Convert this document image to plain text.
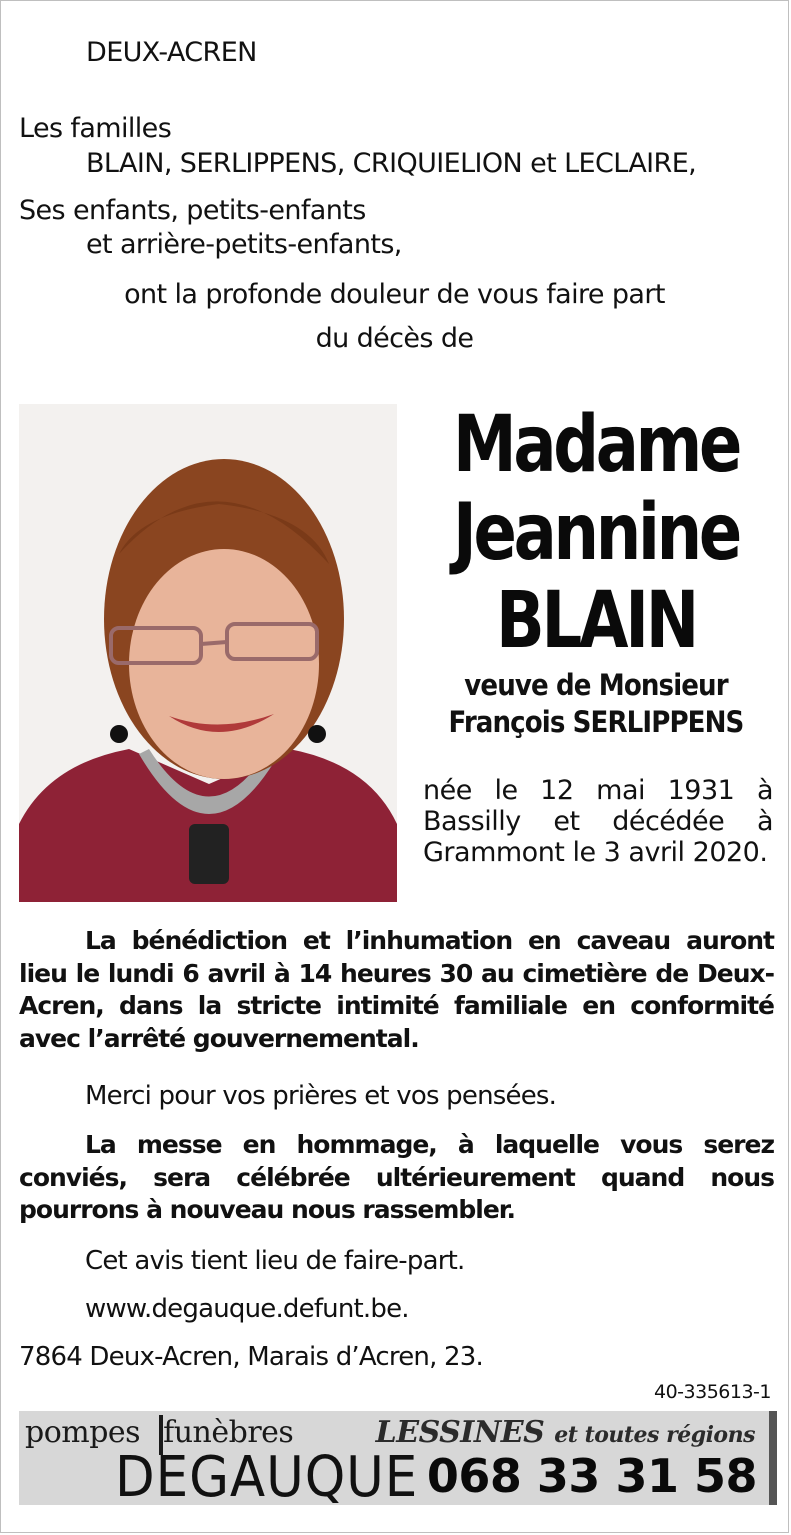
DEUX-ACREN
Les familles
BLAIN, SERLIPPENS, CRIQUIELION et LECLAIRE,
Ses enfants, petits-enfants
et arrière-petits-enfants,
ont la profonde douleur de vous faire part
du décès de
Madame
Jeannine
BLAIN
veuve de Monsieur
François SERLIPPENS
née le 12 mai 1931 à Bassilly et décédée à Grammont le 3 avril 2020.
La bénédiction et l’inhumation en caveau auront lieu le lundi 6 avril à 14 heures 30 au cimetière de Deux-Acren, dans la stricte intimité familiale en conformité avec l’arrêté gouvernemental.
Merci pour vos prières et vos pensées.
La messe en hommage, à laquelle vous serez conviés, sera célébrée ultérieurement quand nous pourrons à nouveau nous rassembler.
Cet avis tient lieu de faire-part.
www.degauque.defunt.be.
7864 Deux-Acren, Marais d’Acren, 23.
40-335613-1
pompes funèbres
DEGAUQUE
LESSINES et toutes régions
068 33 31 58
